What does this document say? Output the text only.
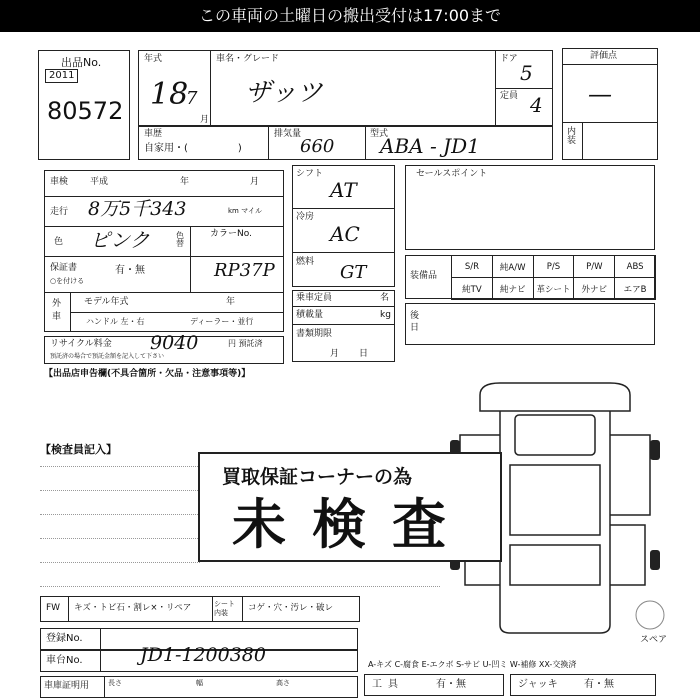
この車両の土曜日の搬出受付は17:00まで
出品No.
2011
80572
年式
18
7
月
車名・グレード
ザッツ
ドア
5
定員 4
評価点
—
内装
車歴
自家用・(　　　　　)
排気量
660
型式
ABA - JD1
車検 平成	年	月
走行 8万5千343	km マイル
色 ピンク	色替
カラーNo.
RP37P
保証書	有・無
○を付ける
外車
モデル年式	年
ハンドル 左・右	ディーラー・並行
リサイクル料金 9040	円 預託済
預託済の場合で預託金額を記入して下さい
シフト
AT
冷房
AC
燃料 GT
乗車定員	名
積載量	kg
書類期限
月日
セールスポイント
装備品
S/R	純A/W	P/S	P/W	ABS
純TV	純ナビ	革シート	外ナビ	エアB
後日
【出品店申告欄(不具合箇所・欠品・注意事項等)】
【検査員記入】
スペア
買取保証コーナーの為
未検査
FW キズ・トビ石・割レ×・リペア	シート内装	コゲ・穴・汚レ・破レ
登録No.
車台No.	JD1-1200380
車庫証明用	長さ	幅	高さ
A-キズ C-腐食 E-エクボ S-サビ U-凹ミ W-補修 XX-交換済
工具	有・無	ジャッキ	有・無
